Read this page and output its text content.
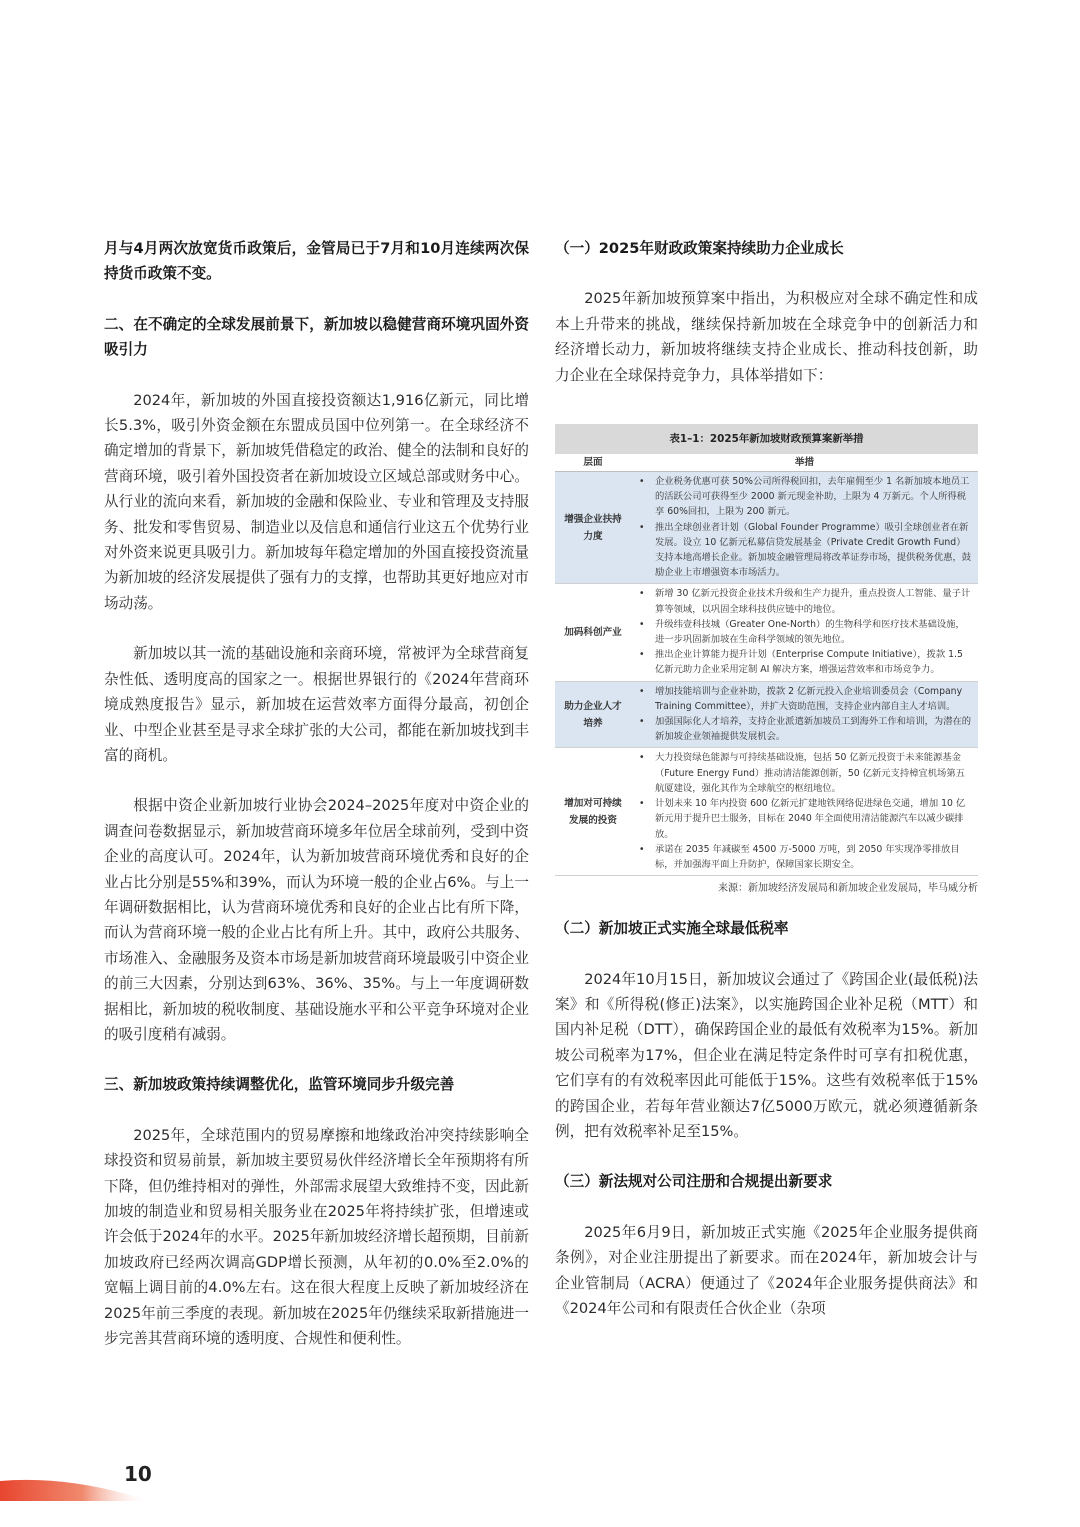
月与4月两次放宽货币政策后，金管局已于7月和10月连续两次保持货币政策不变。

二、在不确定的全球发展前景下，新加坡以稳健营商环境巩固外资吸引力

2024年，新加坡的外国直接投资额达1,916亿新元，同比增长5.3%，吸引外资金额在东盟成员国中位列第一。在全球经济不确定增加的背景下，新加坡凭借稳定的政治、健全的法制和良好的营商环境，吸引着外国投资者在新加坡设立区域总部或财务中心。从行业的流向来看，新加坡的金融和保险业、专业和管理及支持服务、批发和零售贸易、制造业以及信息和通信行业这五个优势行业对外资来说更具吸引力。新加坡每年稳定增加的外国直接投资流量为新加坡的经济发展提供了强有力的支撑，也帮助其更好地应对市场动荡。

新加坡以其一流的基础设施和亲商环境，常被评为全球营商复杂性低、透明度高的国家之一。根据世界银行的《2024年营商环境成熟度报告》显示，新加坡在运营效率方面得分最高，初创企业、中型企业甚至是寻求全球扩张的大公司，都能在新加坡找到丰富的商机。

根据中资企业新加坡行业协会2024–2025年度对中资企业的调查问卷数据显示，新加坡营商环境多年位居全球前列，受到中资企业的高度认可。2024年，认为新加坡营商环境优秀和良好的企业占比分别是55%和39%，而认为环境一般的企业占6%。与上一年调研数据相比，认为营商环境优秀和良好的企业占比有所下降，而认为营商环境一般的企业占比有所上升。其中，政府公共服务、市场准入、金融服务及资本市场是新加坡营商环境最吸引中资企业的前三大因素，分别达到63%、36%、35%。与上一年度调研数据相比，新加坡的税收制度、基础设施水平和公平竞争环境对企业的吸引度稍有减弱。

三、新加坡政策持续调整优化，监管环境同步升级完善

2025年，全球范围内的贸易摩擦和地缘政治冲突持续影响全球投资和贸易前景，新加坡主要贸易伙伴经济增长全年预期将有所下降，但仍维持相对的弹性，外部需求展望大致维持不变，因此新加坡的制造业和贸易相关服务业在2025年将持续扩张，但增速或许会低于2024年的水平。2025年新加坡经济增长超预期，目前新加坡政府已经两次调高GDP增长预测，从年初的0.0%至2.0%的宽幅上调目前的4.0%左右。这在很大程度上反映了新加坡经济在2025年前三季度的表现。新加坡在2025年仍继续采取新措施进一步完善其营商环境的透明度、合规性和便利性。

（一）2025年财政政策案持续助力企业成长

2025年新加坡预算案中指出，为积极应对全球不确定性和成本上升带来的挑战，继续保持新加坡在全球竞争中的创新活力和经济增长动力，新加坡将继续支持企业成长、推动科技创新，助力企业在全球保持竞争力，具体举措如下：

表1–1：2025年新加坡财政预算案新举措
层面	举措
增强企业扶持力度
• 企业税务优惠可获 50%公司所得税回扣，去年雇佣至少 1 名新加坡本地员工的活跃公司可获得至少 2000 新元现金补助，上限为 4 万新元。个人所得税享 60%回扣，上限为 200 新元。
• 推出全球创业者计划（Global Founder Programme）吸引全球创业者在新发展。设立 10 亿新元私募信贷发展基金（Private Credit Growth Fund）支持本地高增长企业。新加坡金融管理局将改革证券市场，提供税务优惠，鼓励企业上市增强资本市场活力。
加码科创产业
• 新增 30 亿新元投资企业技术升级和生产力提升，重点投资人工智能、量子计算等领域，以巩固全球科技供应链中的地位。
• 升级纬壹科技城（Greater One-North）的生物科学和医疗技术基础设施，进一步巩固新加坡在生命科学领域的领先地位。
• 推出企业计算能力提升计划（Enterprise Compute Initiative），拨款 1.5 亿新元助力企业采用定制 AI 解决方案，增强运营效率和市场竞争力。
助力企业人才培养
• 增加技能培训与企业补助，拨款 2 亿新元投入企业培训委员会（Company Training Committee），并扩大资助范围，支持企业内部自主人才培训。
• 加强国际化人才培养，支持企业派遣新加坡员工到海外工作和培训，为潜在的新加坡企业领袖提供发展机会。
增加对可持续发展的投资
• 大力投资绿色能源与可持续基础设施，包括 50 亿新元投资于未来能源基金（Future Energy Fund）推动清洁能源创新，50 亿新元支持樟宜机场第五航厦建设，强化其作为全球航空的枢纽地位。
• 计划未来 10 年内投资 600 亿新元扩建地铁网络促进绿色交通，增加 10 亿新元用于提升巴士服务，目标在 2040 年全面使用清洁能源汽车以减少碳排放。
• 承诺在 2035 年减碳至 4500 万-5000 万吨，到 2050 年实现净零排放目标，并加强海平面上升防护，保障国家长期安全。
来源：新加坡经济发展局和新加坡企业发展局，毕马威分析

（二）新加坡正式实施全球最低税率

2024年10月15日，新加坡议会通过了《跨国企业(最低税)法案》和《所得税(修正)法案》，以实施跨国企业补足税（MTT）和国内补足税（DTT），确保跨国企业的最低有效税率为15%。新加坡公司税率为17%，但企业在满足特定条件时可享有扣税优惠，它们享有的有效税率因此可能低于15%。这些有效税率低于15%的跨国企业，若每年营业额达7亿5000万欧元，就必须遵循新条例，把有效税率补足至15%。

（三）新法规对公司注册和合规提出新要求

2025年6月9日，新加坡正式实施《2025年企业服务提供商条例》，对企业注册提出了新要求。而在2024年，新加坡会计与企业管制局（ACRA）便通过了《2024年企业服务提供商法》和《2024年公司和有限责任合伙企业（杂项

10
